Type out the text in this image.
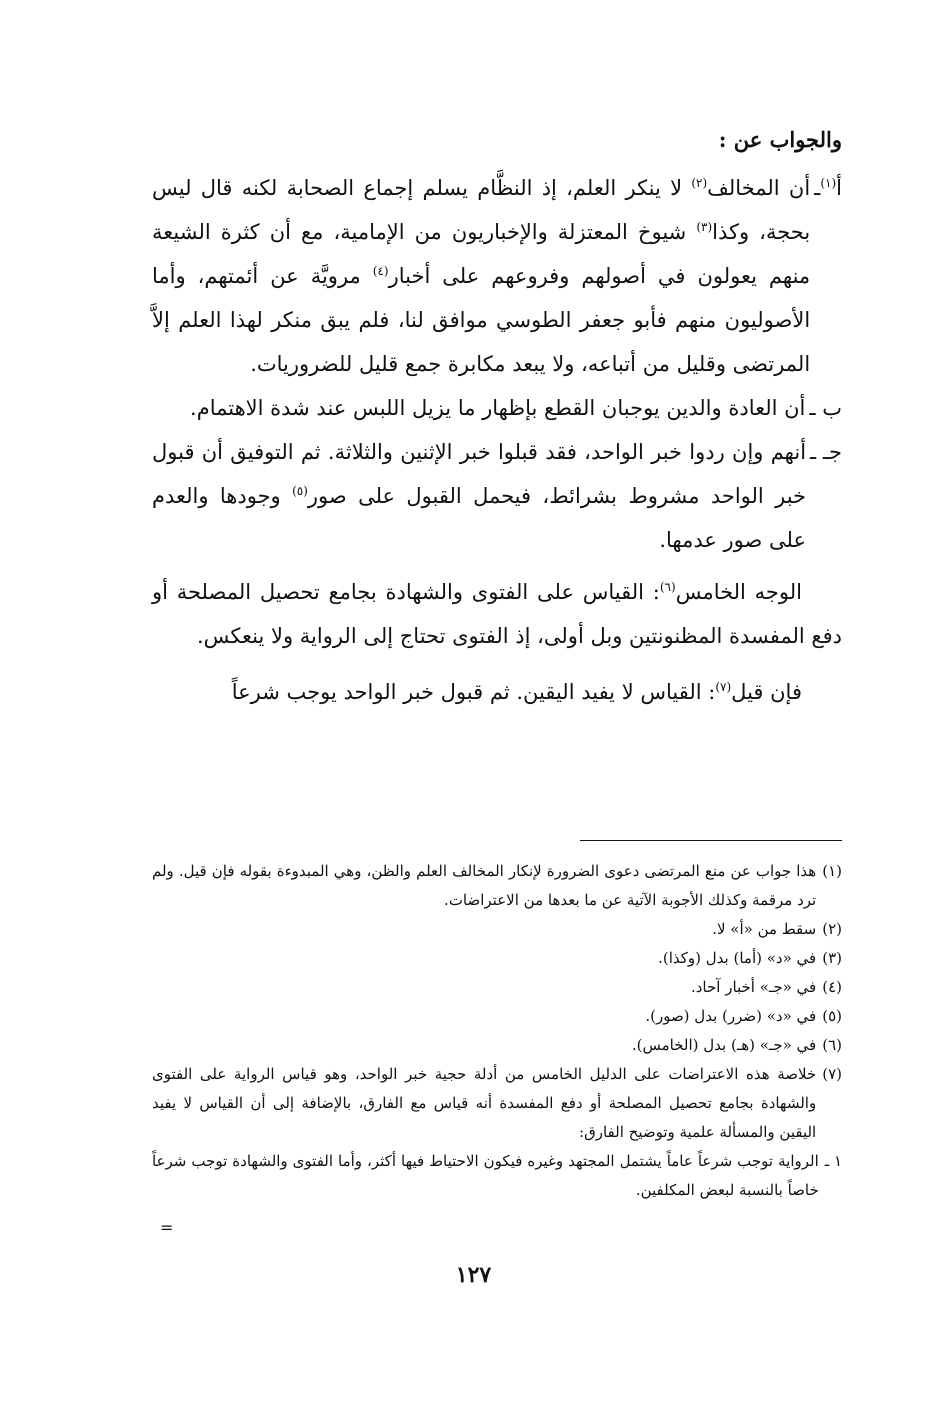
والجواب عن :
أ$^{(١)}$ـ
أن المخالف$^{(٢)}$ لا ينكر العلم، إذ النظَّام يسلم إجماع الصحابة لكنه قال ليس بحجة، وكذا$^{(٣)}$ شيوخ المعتزلة والإخباريون من الإمامية، مع أن كثرة الشيعة منهم يعولون في أصولهم وفروعهم على أخبار$^{(٤)}$ مرويَّة عن أئمتهم، وأما الأصوليون منهم فأبو جعفر الطوسي موافق لنا، فلم يبق منكر لهذا العلم إلاَّ المرتضى وقليل من أتباعه، ولا يبعد مكابرة جمع قليل للضروريات.
ب ـ
أن العادة والدين يوجبان القطع بإظهار ما يزيل اللبس عند شدة الاهتمام.
جـ ـ
أنهم وإن ردوا خبر الواحد، فقد قبلوا خبر الإثنين والثلاثة. ثم التوفيق أن قبول خبر الواحد مشروط بشرائط، فيحمل القبول على صور$^{(٥)}$ وجودها والعدم على صور عدمها.

الوجه الخامس$^{(٦)}$: القياس على الفتوى والشهادة بجامع تحصيل المصلحة أو دفع المفسدة المظنونتين وبل أولى، إذ الفتوى تحتاج إلى الرواية ولا ينعكس.

فإن قيل$^{(٧)}$: القياس لا يفيد اليقين. ثم قبول خبر الواحد يوجب شرعاً

(١)
هذا جواب عن منع المرتضى دعوى الضرورة لإنكار المخالف العلم والظن، وهي المبدوءة بقوله فإن قيل. ولم ترد مرقمة وكذلك الأجوبة الآتية عن ما بعدها من الاعتراضات.
(٢)
سقط من «أ» لا.
(٣)
في «د» (أما) بدل (وكذا).
(٤)
في «جـ» أخبار آحاد.
(٥)
في «د» (ضرر) بدل (صور).
(٦)
في «جـ» (هـ) بدل (الخامس).
(٧)
خلاصة هذه الاعتراضات على الدليل الخامس من أدلة حجية خبر الواحد، وهو قياس الرواية على الفتوى والشهادة بجامع تحصيل المصلحة أو دفع المفسدة أنه قياس مع الفارق، بالإضافة إلى أن القياس لا يفيد اليقين والمسألة علمية وتوضيح الفارق:
١ ـ
الرواية توجب شرعاً عاماً يشتمل المجتهد وغيره فيكون الاحتياط فيها أكثر، وأما الفتوى والشهادة توجب شرعاً خاصاً بالنسبة لبعض المكلفين.
=
١٢٧
